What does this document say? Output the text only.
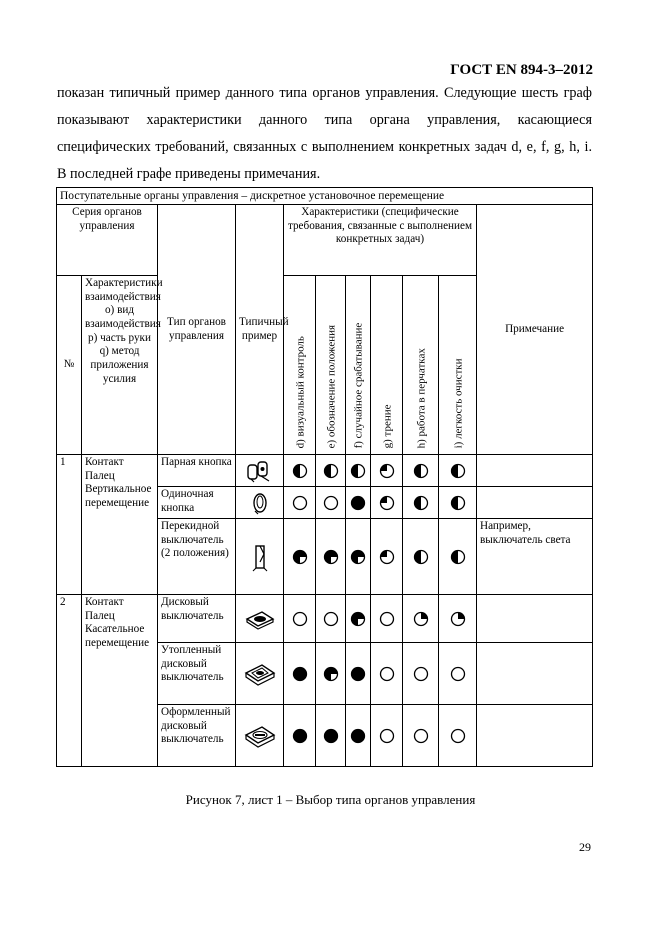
ГОСТ EN 894-3–2012
показан типичный пример данного типа органов управления. Следующие шесть граф показывают характеристики данного типа органа управления, касающиеся специфических требований, связанных с выполнением конкретных задач d, e, f, g, h, i. В последней графе приведены примечания.
Поступательные органы управления – дискретное установочное перемещение										
Серия органов управления		Тип органов управления	Типичный пример	Характеристики (специфические требования, связанные с выполнением конкретных задач)						Примечание
№	Характеристики взаимодействия о) вид взаимодействия р) часть руки q) метод приложения усилия			d) визуальный контроль	e) обозначение положения	f) случайное срабатывание	g) трение	h) работа в перчатках	i) легкость очистки	

1	Контакт Палец Вертикальное перемещение	Парная кнопка	

		Одиночная кнопка	

		Перекидной выключатель (2 положения)								Например, выключатель света
2	Контакт Палец Касательное перемещение	Дисковый выключатель	

		Утопленный дисковый выключатель	

		Оформленный дисковый выключатель	

Рисунок 7, лист 1 – Выбор типа органов управления
29
